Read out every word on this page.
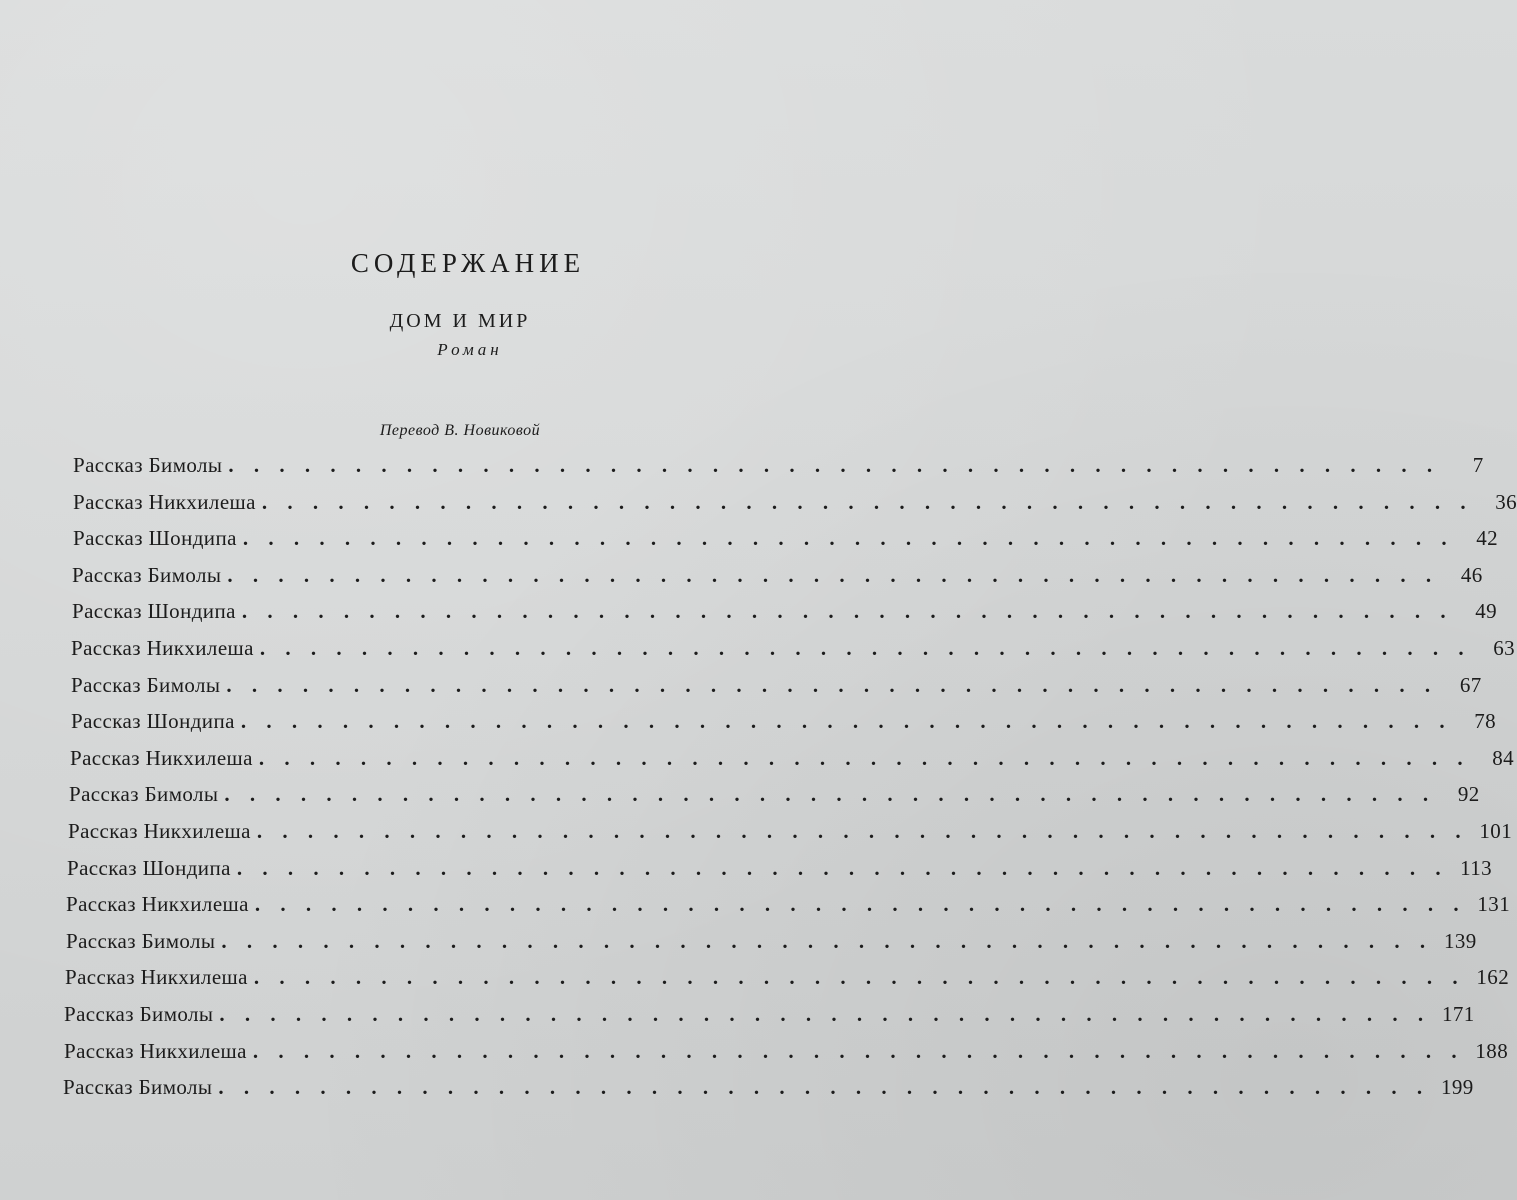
СОДЕРЖАНИЕ
ДОМ И МИР
Роман
Перевод В. Новиковой
Рассказ Бимолы . . . . . . . . . . . . . . . . . . . . . . . . . . . . . . . . . . . . . . . . . . . . . . . .	7
Рассказ Никхилеша . . . . . . . . . . . . . . . . . . . . . . . . . . . . . . . . . . . . . . . . . . . . . . . .	36
Рассказ Шондипа . . . . . . . . . . . . . . . . . . . . . . . . . . . . . . . . . . . . . . . . . . . . . . . .	42
Рассказ Бимолы . . . . . . . . . . . . . . . . . . . . . . . . . . . . . . . . . . . . . . . . . . . . . . . .	46
Рассказ Шондипа . . . . . . . . . . . . . . . . . . . . . . . . . . . . . . . . . . . . . . . . . . . . . . . .	49
Рассказ Никхилеша . . . . . . . . . . . . . . . . . . . . . . . . . . . . . . . . . . . . . . . . . . . . . . . .	63
Рассказ Бимолы . . . . . . . . . . . . . . . . . . . . . . . . . . . . . . . . . . . . . . . . . . . . . . . .	67
Рассказ Шондипа . . . . . . . . . . . . . . . . . . . . . . . . . . . . . . . . . . . . . . . . . . . . . . . .	78
Рассказ Никхилеша . . . . . . . . . . . . . . . . . . . . . . . . . . . . . . . . . . . . . . . . . . . . . . . .	84
Рассказ Бимолы . . . . . . . . . . . . . . . . . . . . . . . . . . . . . . . . . . . . . . . . . . . . . . . .	92
Рассказ Никхилеша . . . . . . . . . . . . . . . . . . . . . . . . . . . . . . . . . . . . . . . . . . . . . . . . 101
Рассказ Шондипа . . . . . . . . . . . . . . . . . . . . . . . . . . . . . . . . . . . . . . . . . . . . . . . . 113
Рассказ Никхилеша . . . . . . . . . . . . . . . . . . . . . . . . . . . . . . . . . . . . . . . . . . . . . . . . 131
Рассказ Бимолы . . . . . . . . . . . . . . . . . . . . . . . . . . . . . . . . . . . . . . . . . . . . . . . . 139
Рассказ Никхилеша . . . . . . . . . . . . . . . . . . . . . . . . . . . . . . . . . . . . . . . . . . . . . . . . 162
Рассказ Бимолы . . . . . . . . . . . . . . . . . . . . . . . . . . . . . . . . . . . . . . . . . . . . . . . . 171
Рассказ Никхилеша . . . . . . . . . . . . . . . . . . . . . . . . . . . . . . . . . . . . . . . . . . . . . . . . 188
Рассказ Бимолы . . . . . . . . . . . . . . . . . . . . . . . . . . . . . . . . . . . . . . . . . . . . . . . . 199
